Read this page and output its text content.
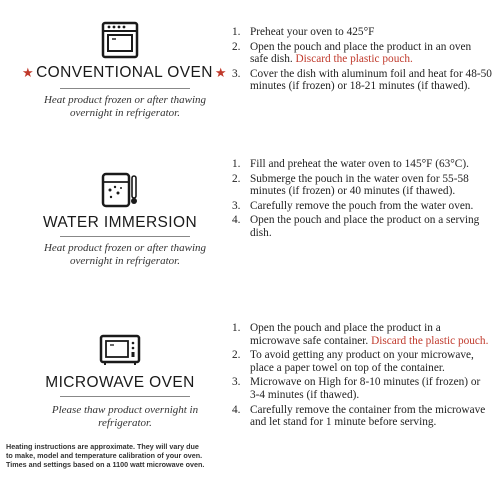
★ CONVENTIONAL OVEN ★
Heat product frozen or after thawing overnight in refrigerator.
1. Preheat your oven to 425°F
2. Open the pouch and place the product in an oven safe dish. Discard the plastic pouch.
3. Cover the dish with aluminum foil and heat for 48-50 minutes (if frozen) or 18-21 minutes (if thawed).
WATER IMMERSION
Heat product frozen or after thawing overnight in refrigerator.
1. Fill and preheat the water oven to 145°F (63°C).
2. Submerge the pouch in the water oven for 55-58 minutes (if frozen) or 40 minutes (if thawed).
3. Carefully remove the pouch from the water oven.
4. Open the pouch and place the product on a serving dish.
MICROWAVE OVEN
Please thaw product overnight in refrigerator.
1. Open the pouch and place the product in a microwave safe container. Discard the plastic pouch.
2. To avoid getting any product on your microwave, place a paper towel on top of the container.
3. Microwave on High for 8-10 minutes (if frozen) or 3-4 minutes (if thawed).
4. Carefully remove the container from the microwave and let stand for 1 minute before serving.
Heating instructions are approximate. They will vary due to make, model and temperature calibration of your oven. Times and settings based on a 1100 watt microwave oven.
